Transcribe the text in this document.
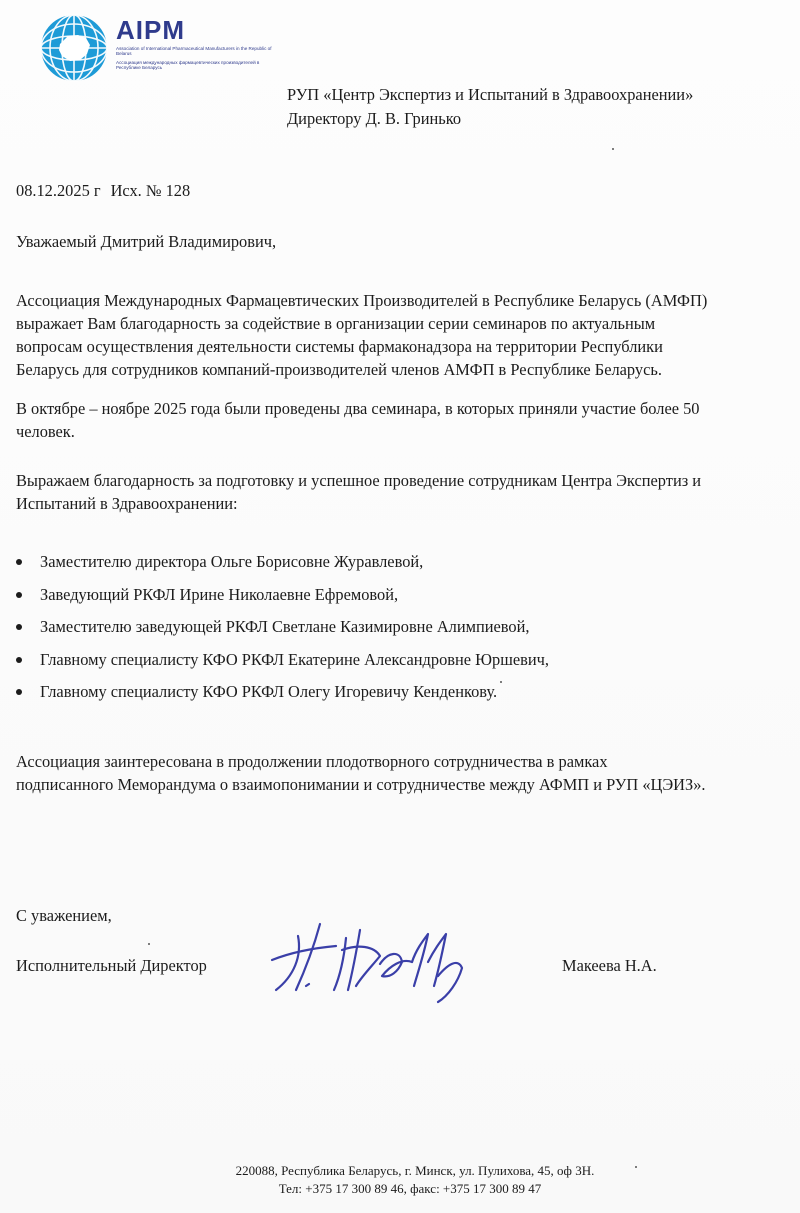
AIPM
Association of International Pharmaceutical Manufacturers in the Republic of Belarus
Ассоциация международных фармацевтических производителей в Республике Беларусь
РУП «Центр Экспертиз и Испытаний в Здравоохранении»
Директору Д. В. Гринько
08.12.2025 г Исх. № 128
Уважаемый Дмитрий Владимирович,
Ассоциация Международных Фармацевтических Производителей в Республике Беларусь (АМФП)
выражает Вам благодарность за содействие в организации серии семинаров по актуальным
вопросам осуществления деятельности системы фармаконадзора на территории Республики
Беларусь для сотрудников компаний-производителей членов АМФП в Республике Беларусь.
В октябре – ноябре 2025 года были проведены два семинара, в которых приняли участие более 50
человек.
Выражаем благодарность за подготовку и успешное проведение сотрудникам Центра Экспертиз и
Испытаний в Здравоохранении:
Заместителю директора Ольге Борисовне Журавлевой,
Заведующий РКФЛ Ирине Николаевне Ефремовой,
Заместителю заведующей РКФЛ Светлане Казимировне Алимпиевой,
Главному специалисту КФО РКФЛ Екатерине Александровне Юршевич,
Главному специалисту КФО РКФЛ Олегу Игоревичу Кенденкову.
Ассоциация заинтересована в продолжении плодотворного сотрудничества в рамках
подписанного Меморандума о взаимопонимании и сотрудничестве между АФМП и РУП «ЦЭИЗ».
С уважением,
Исполнительный Директор	Макеева Н.А.
220088, Республика Беларусь, г. Минск, ул. Пулихова, 45, оф 3Н.
Тел: +375 17 300 89 46, факс: +375 17 300 89 47
